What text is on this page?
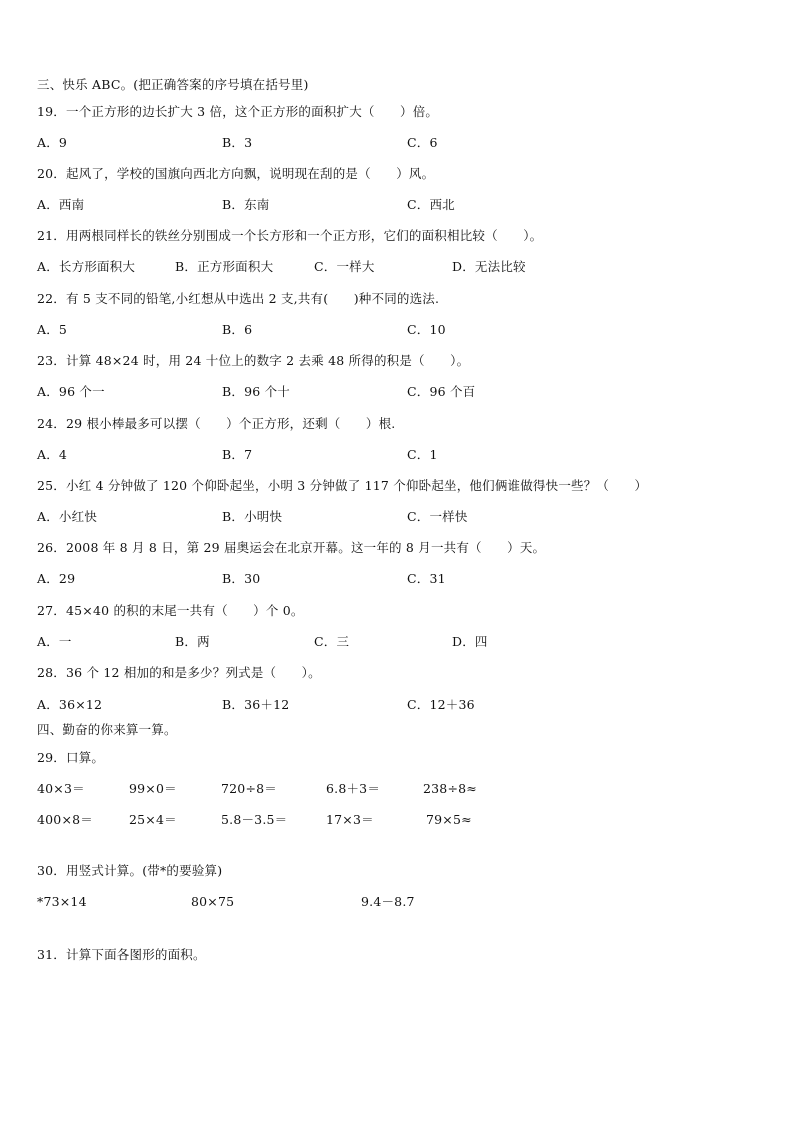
三、快乐 ABC。(把正确答案的序号填在括号里)
19．一个正方形的边长扩大 3 倍，这个正方形的面积扩大（　　）倍。
A．9	B．3	C．6
20．起风了，学校的国旗向西北方向飘，说明现在刮的是（　　）风。
A．西南	B．东南	C．西北
21．用两根同样长的铁丝分别围成一个长方形和一个正方形，它们的面积相比较（　　）。
A．长方形面积大	B．正方形面积大	C．一样大	D．无法比较
22．有 5 支不同的铅笔,小红想从中选出 2 支,共有(　　)种不同的选法.
A．5	B．6	C．10
23．计算 48×24 时，用 24 十位上的数字 2 去乘 48 所得的积是（　　）。
A．96 个一	B．96 个十	C．96 个百
24．29 根小棒最多可以摆（　　）个正方形，还剩（　　）根.
A．4	B．7	C．1
25．小红 4 分钟做了 120 个仰卧起坐，小明 3 分钟做了 117 个仰卧起坐，他们俩谁做得快一些？（　　）
A．小红快	B．小明快	C．一样快
26．2008 年 8 月 8 日，第 29 届奥运会在北京开幕。这一年的 8 月一共有（　　）天。
A．29	B．30	C．31
27．45×40 的积的末尾一共有（　　）个 0。
A．一	B．两	C．三	D．四
28．36 个 12 相加的和是多少？列式是（　　）。
A．36×12	B．36＋12	C．12＋36
四、勤奋的你来算一算。
29．口算。
40×3＝	99×0＝	720÷8＝	6.8＋3＝	238÷8≈
400×8＝	25×4＝	5.8－3.5＝	17×3＝	79×5≈
30．用竖式计算。(带*的要验算)
*73×14	80×75	9.4－8.7
31．计算下面各图形的面积。
